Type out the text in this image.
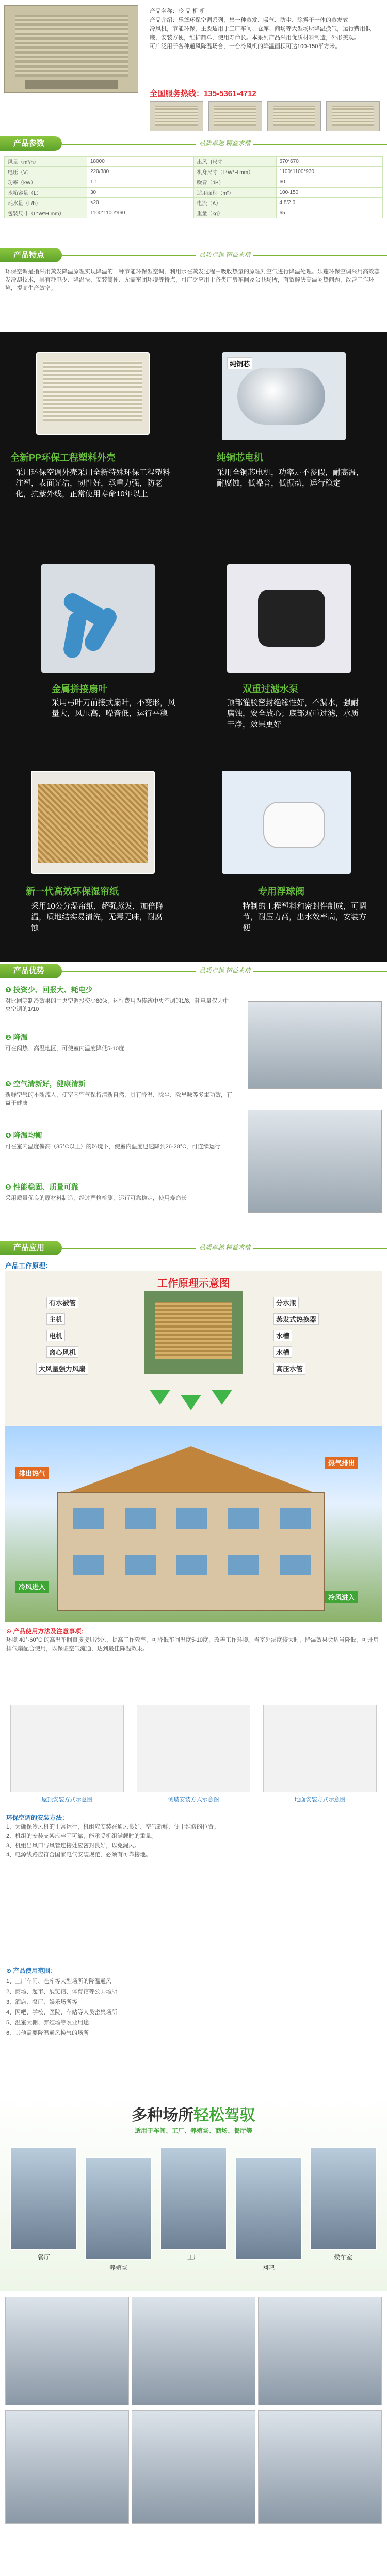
产品名称：冷 品 机 机
产品介绍：乐蓬环保空调系列，集一种蒸发、吸气、防尘、除雾于一体的蒸发式
冷风机，节能环保，主要适用于工厂车间、仓库、商场等大型场所降温换气，运行费用低
廉，安装方便，维护简单，使用寿命长。本系列产品采用优质材料制造，外形美观。
可广泛用于各种通风降温场合，一台冷风机的降温面积可达100-150平方米。
全国服务热线：135-5361-4712
产品参数	品质卓越 精益求精
风量（m³/h）	18000	出风口尺寸	670*670
电压（V）	220/380	机身尺寸（L*W*H mm）	1100*1100*930
功率（kW）	1.1	噪音（dB）	60
水箱容量（L）	30	适用面积（m²）	100-150
耗水量（L/h）	≤20	电流（A）	4.8/2.6
包装尺寸（L*W*H mm）	1100*1100*960	重量（kg）	65
产品特点	品质卓越 精益求精
环保空调是指采用蒸发降温原理实现降温的一种节能环保型空调，利用水在蒸发过程中吸收热量的原理对空气进行降温处理。乐蓬环保空调采用高效蒸发冷却技术，具有耗电少、降温快、安装简便、无需密闭环境等特点，可广泛应用于各类厂房车间及公共场所，有效解决高温闷热问题，改善工作环境，提高生产效率。
全新PP环保工程塑料外壳
采用环保空调外壳采用全新特殊环保工程塑料注塑，表面光洁，韧性好，承重力强，防老化，抗紫外线，正常使用寿命10年以上
纯铜芯
纯铜芯电机
采用全铜芯电机，功率足不参假，耐高温，耐腐蚀，低噪音，低振动，运行稳定
金属拼接扇叶
采用弓叶刀前接式扇叶，不变形，风量大，风压高，噪音低，运行平稳
双重过滤水泵
顶部灌胶密封绝缘性好，不漏水，强耐腐蚀，安全放心；底部双重过滤，水质干净，效果更好
新一代高效环保湿帘纸
采用10公分湿帘纸，超强蒸发，加倍降温，质地结实易清洗，无毒无味，耐腐蚀
专用浮球阀
特制的工程塑料和密封件制成，可调节，耐压力高，出水效率高，安装方便
产品优势	品质卓越 精益求精
❶ 投资少、回报大、耗电少
对比同等制冷效果的中央空调投资少80%，运行费用为传统中央空调的1/8，耗电量仅为中央空调的1/10
❷ 降温
可在闷热、高温地区，可使室内温度降低5-10度
❸ 空气清新好，健康清新
新鲜空气的不断流入，使室内空气保持清新自然，具有降温、除尘、除异味等多重功效，有益于健康
❹ 降温均衡
可在室内温度偏高（35°C以上）的环境下，使室内温度迅速降到26-28°C，可连续运行
❺ 性能稳固、质量可靠
采用质量优良的原材料制造，经过严格检测，运行可靠稳定，使用寿命长
产品应用	品质卓越 精益求精
产品工作原理：
工作原理示意图
有水被管
主机
电机
离心风机
大风量强力风扇
分水瓶
蒸发式热换器
水槽
水槽
高压水管
排出热气
热气排出
冷风进入
冷风进入
⊙ 产品使用方法及注意事项：
环境 40°-60°C 的高温车间直接接进冷风，提高工作效率，可降低车间温度5-10度，改善工作环境。当室外湿度较大时，降温效果会适当降低，可开启排气扇配合使用，以保证空气流通，达到最佳降温效果。
屋顶安装方式示意图	侧墙安装方式示意图	地面安装方式示意图
环保空调的安装方法：
1、为确保冷风机的正常运行，机组应安装在通风良好、空气新鲜、便于维修的位置。
2、机组的安装支架应牢固可靠，能承受机组满载时的重量。
3、机组出风口与风管连接处应密封良好，以免漏风。
4、电源线路应符合国家电气安装规范，必须有可靠接地。
⊙ 产品使用范围：
1、工厂车间、仓库等大型场所的降温通风
2、商场、超市、展览馆、体育馆等公共场所
3、酒店、餐厅、娱乐场所等
4、网吧、学校、医院、车站等人员密集场所
5、温室大棚、养殖场等农业用途
6、其他需要降温通风换气的场所
多种场所轻松驾驭
适用于车间、工厂、养殖场、商场、餐厅等
餐厅
养殖场
工厂
网吧
候车室
